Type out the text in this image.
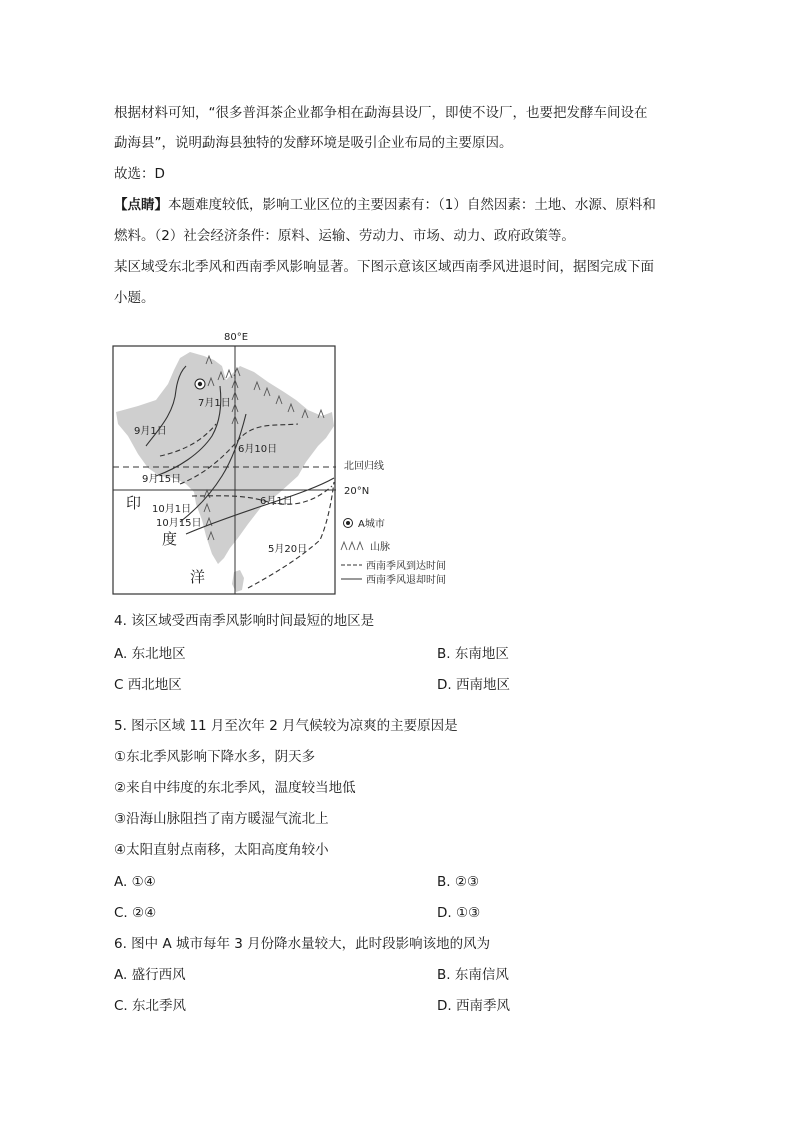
根据材料可知，“很多普洱茶企业都争相在勐海县设厂，即使不设厂，也要把发酵车间设在
勐海县”，说明勐海县独特的发酵环境是吸引企业布局的主要原因。
故选：D
【点睛】本题难度较低，影响工业区位的主要因素有：（1）自然因素：土地、水源、原料和
燃料。（2）社会经济条件：原料、运输、劳动力、市场、动力、政府政策等。
某区域受东北季风和西南季风影响显著。下图示意该区域西南季风进退时间，据图完成下面
小题。
80°E
北回归线
20°N
7月1日
9月1日
6月10日
9月15日
6月1日
10月1日
10月15日
5月20日
印
度
洋
A城市
山脉
西南季风到达时间
西南季风退却时间
4. 该区域受西南季风影响时间最短的地区是
A. 东北地区	B. 东南地区
C 西北地区	D. 西南地区
5. 图示区域 11 月至次年 2 月气候较为凉爽的主要原因是
①东北季风影响下降水多，阴天多
②来自中纬度的东北季风，温度较当地低
③沿海山脉阻挡了南方暖湿气流北上
④太阳直射点南移，太阳高度角较小
A. ①④	B. ②③
C. ②④	D. ①③
6. 图中 A 城市每年 3 月份降水量较大，此时段影响该地的风为
A. 盛行西风	B. 东南信风
C. 东北季风	D. 西南季风
